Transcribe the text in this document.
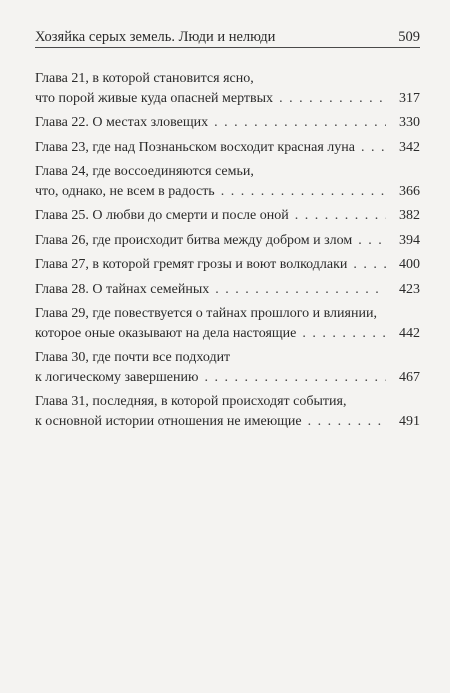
Хозяйка серых земель. Люди и нелюди	509
Глава 21, в которой становится ясно,
что порой живые куда опасней мертвых . . .	317
Глава 22. О местах зловещих . . .	330
Глава 23, где над Познаньском восходит красная луна . . .	342
Глава 24, где воссоединяются семьи,
что, однако, не всем в радость . . .	366
Глава 25. О любви до смерти и после оной . . .	382
Глава 26, где происходит битва между добром и злом . . .	394
Глава 27, в которой гремят грозы и воют волкодлаки . . .	400
Глава 28. О тайнах семейных . . .	423
Глава 29, где повествуется о тайнах прошлого и влиянии,
которое оные оказывают на дела настоящие . . .	442
Глава 30, где почти все подходит
к логическому завершению . . .	467
Глава 31, последняя, в которой происходят события,
к основной истории отношения не имеющие . . .	491
